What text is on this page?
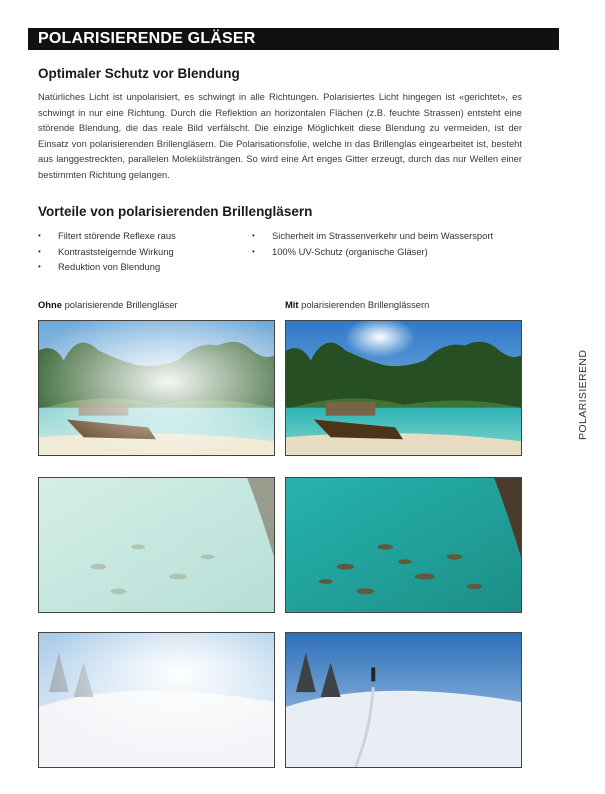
POLARISIERENDE GLÄSER
Optimaler Schutz vor Blendung

Natürliches Licht ist unpolarisiert, es schwingt in alle Richtungen. Polarisiertes Licht hingegen ist «gerichtet», es schwingt in nur eine Richtung. Durch die Reflektion an horizontalen Flächen (z.B. feuchte Strassen) entsteht eine störende Blendung, die das reale Bild verfälscht. Die einzige Möglichkeit diese Blendung zu vermeiden, ist der Einsatz von polarisierenden Brillengläsern. Die Polarisationsfolie, welche in das Brillenglas eingearbeitet ist, besteht aus langgestreckten, parallelen Molekülsträngen. So wird eine Art enges Gitter erzeugt, durch das nur Wellen einer bestimmten Richtung gelangen.

Vorteile von polarisierenden Brillengläsern
• Filtert störende Reflexe raus
• Kontraststeigernde Wirkung
• Reduktion von Blendung
• Sicherheit im Strassenverkehr und beim Wassersport
• 100% UV-Schutz (organische Gläser)

Ohne polarisierende Brillengläser	Mit polarisierenden Brillenglässern

POLARISIEREND
